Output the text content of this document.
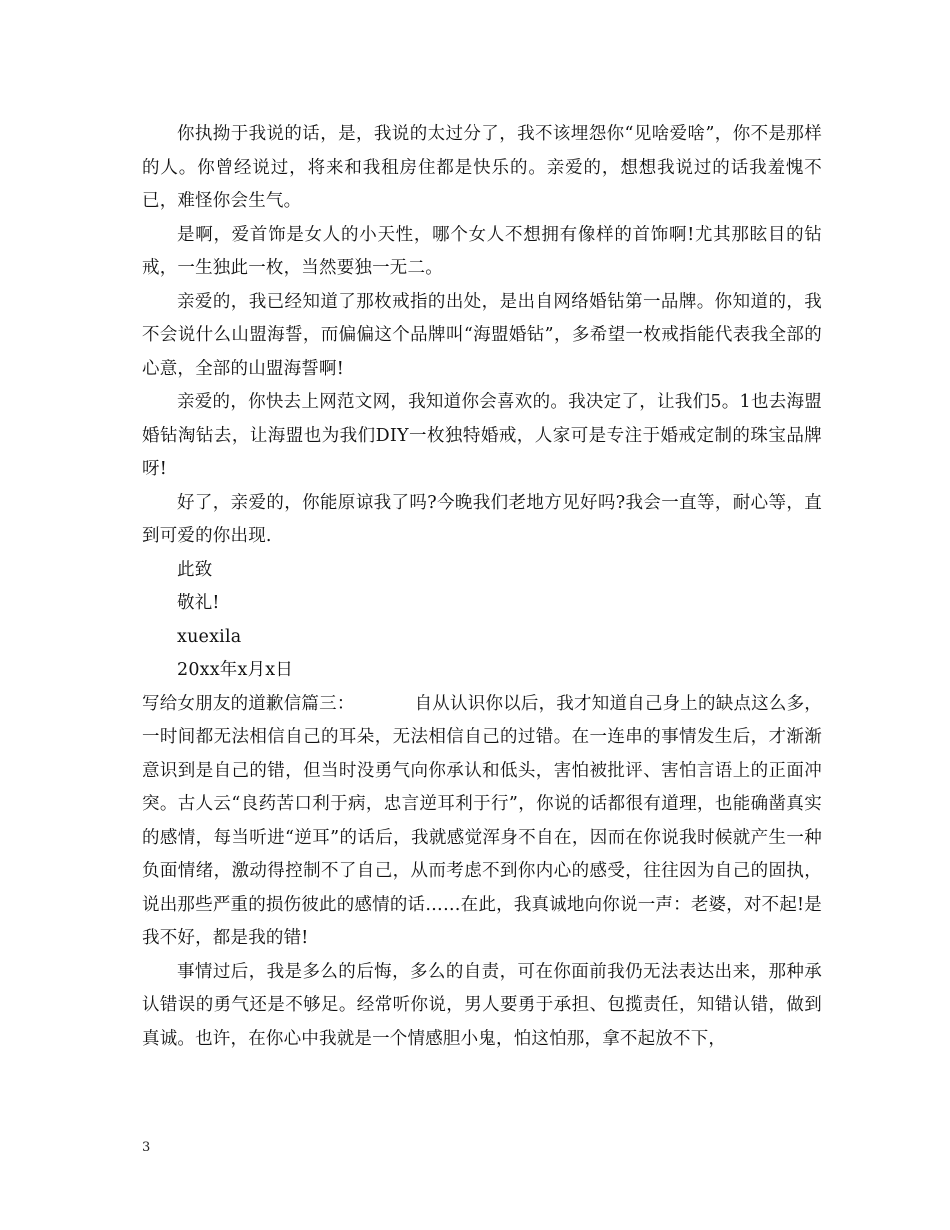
你执拗于我说的话，是，我说的太过分了，我不该埋怨你“见啥爱啥”，你不是那样的人。你曾经说过，将来和我租房住都是快乐的。亲爱的，想想我说过的话我羞愧不已，难怪你会生气。

是啊，爱首饰是女人的小天性，哪个女人不想拥有像样的首饰啊!尤其那眩目的钻戒，一生独此一枚，当然要独一无二。

亲爱的，我已经知道了那枚戒指的出处，是出自网络婚钻第一品牌。你知道的，我不会说什么山盟海誓，而偏偏这个品牌叫“海盟婚钻”，多希望一枚戒指能代表我全部的心意，全部的山盟海誓啊!

亲爱的，你快去上网范文网，我知道你会喜欢的。我决定了，让我们5。1也去海盟婚钻淘钻去，让海盟也为我们DIY一枚独特婚戒，人家可是专注于婚戒定制的珠宝品牌呀!

好了，亲爱的，你能原谅我了吗?今晚我们老地方见好吗?我会一直等，耐心等，直到可爱的你出现.

此致

敬礼!

xuexila

20xx年x月x日

写给女朋友的道歉信篇三：	自从认识你以后，我才知道自己身上的缺点这么多，一时间都无法相信自己的耳朵，无法相信自己的过错。在一连串的事情发生后，才渐渐意识到是自己的错，但当时没勇气向你承认和低头，害怕被批评、害怕言语上的正面冲突。古人云“良药苦口利于病，忠言逆耳利于行”，你说的话都很有道理，也能确凿真实的感情，每当听进“逆耳”的话后，我就感觉浑身不自在，因而在你说我时候就产生一种负面情绪，激动得控制不了自己，从而考虑不到你内心的感受，往往因为自己的固执，说出那些严重的损伤彼此的感情的话……在此，我真诚地向你说一声：老婆，对不起!是我不好，都是我的错!

事情过后，我是多么的后悔，多么的自责，可在你面前我仍无法表达出来，那种承认错误的勇气还是不够足。经常听你说，男人要勇于承担、包揽责任，知错认错，做到真诚。也许，在你心中我就是一个情感胆小鬼，怕这怕那，拿不起放不下，

3
